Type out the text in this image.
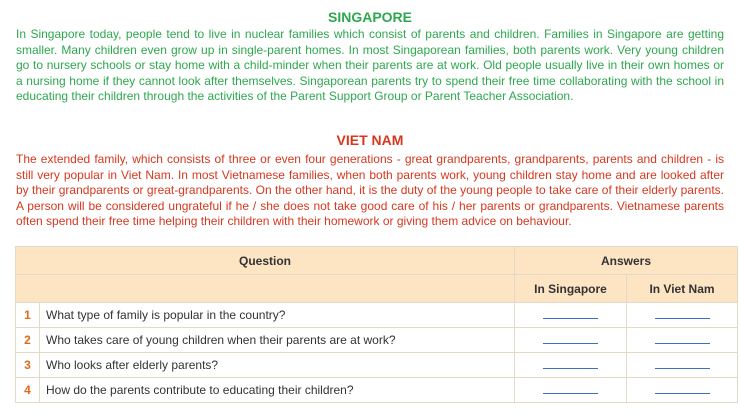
SINGAPORE

In Singapore today, people tend to live in nuclear families which consist of parents and children. Families in Singapore are getting smaller. Many children even grow up in single-parent homes. In most Singaporean families, both parents work. Very young children go to nursery schools or stay home with a child-minder when their parents are at work. Old people usually live in their own homes or a nursing home if they cannot look after themselves. Singaporean parents try to spend their free time collaborating with the school in educating their children through the activities of the Parent Support Group or Parent Teacher Association.

VIET NAM

The extended family, which consists of three or even four generations - great grandparents, grandparents, parents and children - is still very popular in Viet Nam. In most Vietnamese families, when both parents work, young children stay home and are looked after by their grandparents or great-grandparents. On the other hand, it is the duty of the young people to take care of their elderly parents. A person will be considered ungrateful if he / she does not take good care of his / her parents or grandparents. Vietnamese parents often spend their free time helping their children with their homework or giving them advice on behaviour.

Question		Answers	
		In Singapore	In Viet Nam
1	What type of family is popular in the country?		
2	Who takes care of young children when their parents are at work?		
3	Who looks after elderly parents?		
4	How do the parents contribute to educating their children?		
